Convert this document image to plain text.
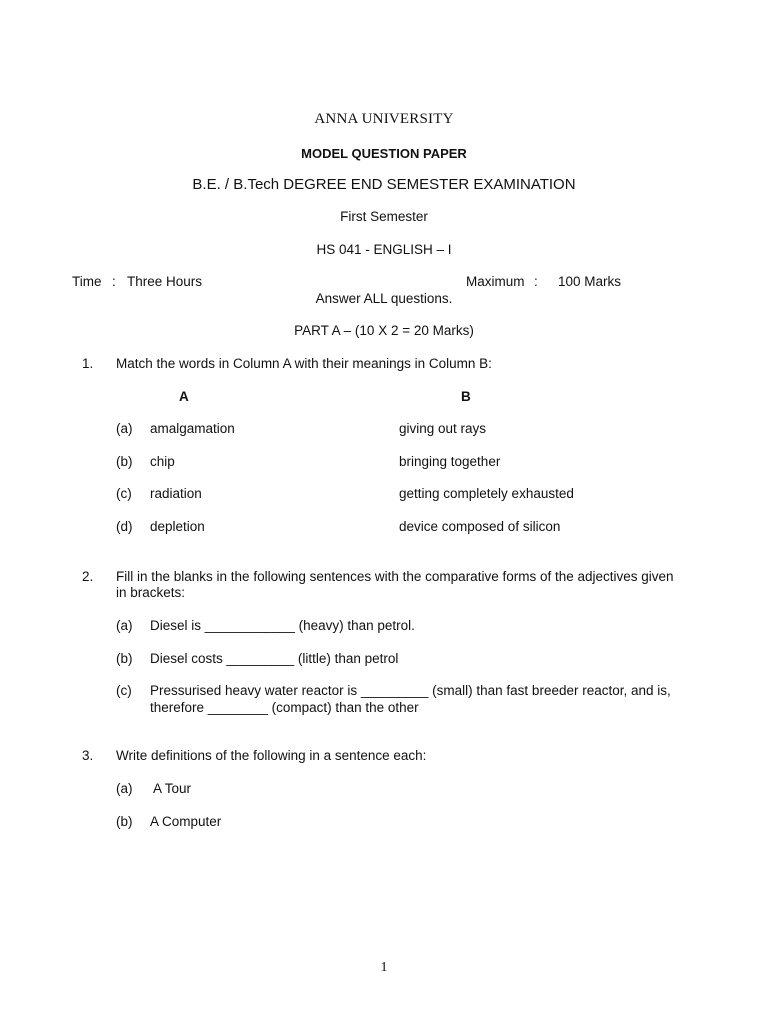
ANNA UNIVERSITY
MODEL QUESTION PAPER
B.E. / B.Tech DEGREE END SEMESTER EXAMINATION
First Semester
HS 041 - ENGLISH – I
Time : Three Hours	Maximum : 100 Marks
Answer ALL questions.
PART A – (10 X 2 = 20 Marks)
1. Match the words in Column A with their meanings in Column B:
A	B
(a) amalgamation	giving out rays
(b) chip	bringing together
(c) radiation	getting completely exhausted
(d) depletion	device composed of silicon
2. Fill in the blanks in the following sentences with the comparative forms of the adjectives given
in brackets:
(a) Diesel is ____________ (heavy) than petrol.
(b) Diesel costs _________ (little) than petrol
(c) Pressurised heavy water reactor is _________ (small) than fast breeder reactor, and is,
therefore ________ (compact) than the other
3. Write definitions of the following in a sentence each:
(a) A Tour
(b) A Computer
1
